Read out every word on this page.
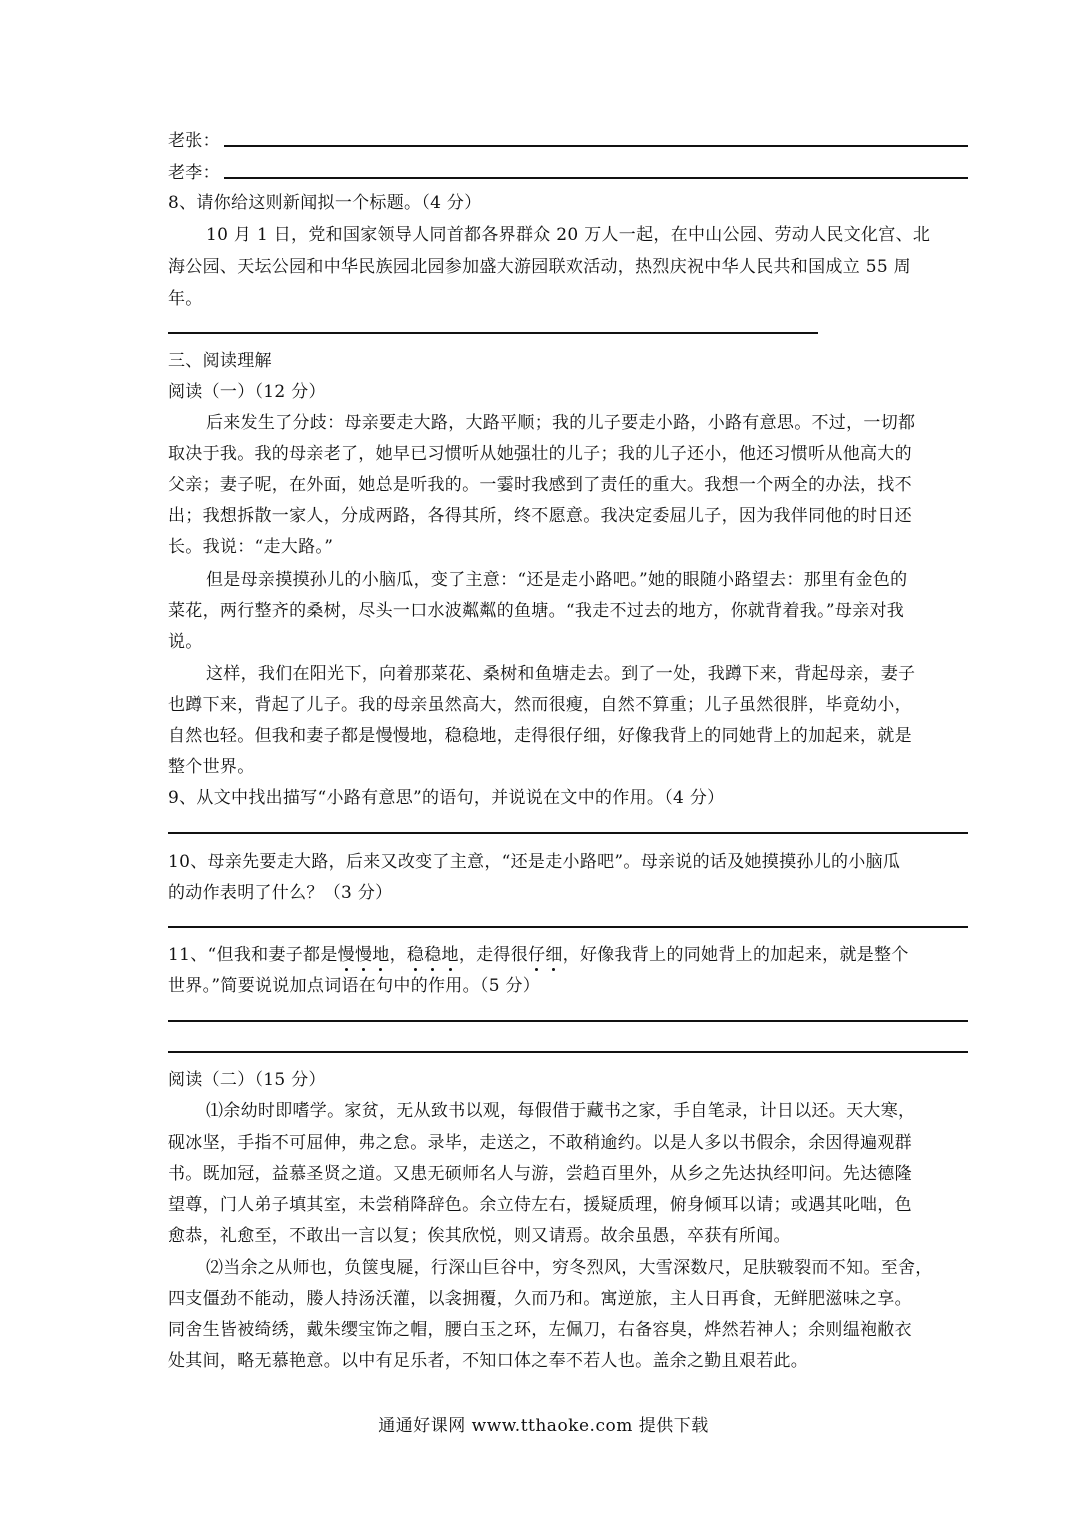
老张：
老李：
8、请你给这则新闻拟一个标题。（4 分）
10 月 1 日，党和国家领导人同首都各界群众 20 万人一起，在中山公园、劳动人民文化宫、北
海公园、天坛公园和中华民族园北园参加盛大游园联欢活动，热烈庆祝中华人民共和国成立 55 周
年。
三、阅读理解
阅读（一）（12 分）
后来发生了分歧：母亲要走大路，大路平顺；我的儿子要走小路，小路有意思。不过，一切都
取决于我。我的母亲老了，她早已习惯听从她强壮的儿子；我的儿子还小，他还习惯听从他高大的
父亲；妻子呢，在外面，她总是听我的。一霎时我感到了责任的重大。我想一个两全的办法，找不
出；我想拆散一家人，分成两路，各得其所，终不愿意。我决定委屈儿子，因为我伴同他的时日还
长。我说：“走大路。”
但是母亲摸摸孙儿的小脑瓜，变了主意：“还是走小路吧。”她的眼随小路望去：那里有金色的
菜花，两行整齐的桑树，尽头一口水波粼粼的鱼塘。“我走不过去的地方，你就背着我。”母亲对我
说。
这样，我们在阳光下，向着那菜花、桑树和鱼塘走去。到了一处，我蹲下来，背起母亲，妻子
也蹲下来，背起了儿子。我的母亲虽然高大，然而很瘦，自然不算重；儿子虽然很胖，毕竟幼小，
自然也轻。但我和妻子都是慢慢地，稳稳地，走得很仔细，好像我背上的同她背上的加起来，就是
整个世界。
9、从文中找出描写“小路有意思”的语句，并说说在文中的作用。（4 分）
10、母亲先要走大路，后来又改变了主意，“还是走小路吧”。母亲说的话及她摸摸孙儿的小脑瓜
的动作表明了什么？（3 分）
11、“但我和妻子都是慢慢地，稳稳地，走得很仔细，好像我背上的同她背上的加起来，就是整个
世界。”简要说说加点词语在句中的作用。（5 分）
阅读（二）（15 分）
⑴余幼时即嗜学。家贫，无从致书以观，每假借于藏书之家，手自笔录，计日以还。天大寒，
砚冰坚，手指不可屈伸，弗之怠。录毕，走送之，不敢稍逾约。以是人多以书假余，余因得遍观群
书。既加冠，益慕圣贤之道。又患无硕师名人与游，尝趋百里外，从乡之先达执经叩问。先达德隆
望尊，门人弟子填其室，未尝稍降辞色。余立侍左右，援疑质理，俯身倾耳以请；或遇其叱咄，色
愈恭，礼愈至，不敢出一言以复；俟其欣悦，则又请焉。故余虽愚，卒获有所闻。
⑵当余之从师也，负箧曳屣，行深山巨谷中，穷冬烈风，大雪深数尺，足肤皲裂而不知。至舍，
四支僵劲不能动，媵人持汤沃灌，以衾拥覆，久而乃和。寓逆旅，主人日再食，无鲜肥滋味之享。
同舍生皆被绮绣，戴朱缨宝饰之帽，腰白玉之环，左佩刀，右备容臭，烨然若神人；余则缊袍敝衣
处其间，略无慕艳意。以中有足乐者，不知口体之奉不若人也。盖余之勤且艰若此。
通通好课网 www.tthaoke.com 提供下载
